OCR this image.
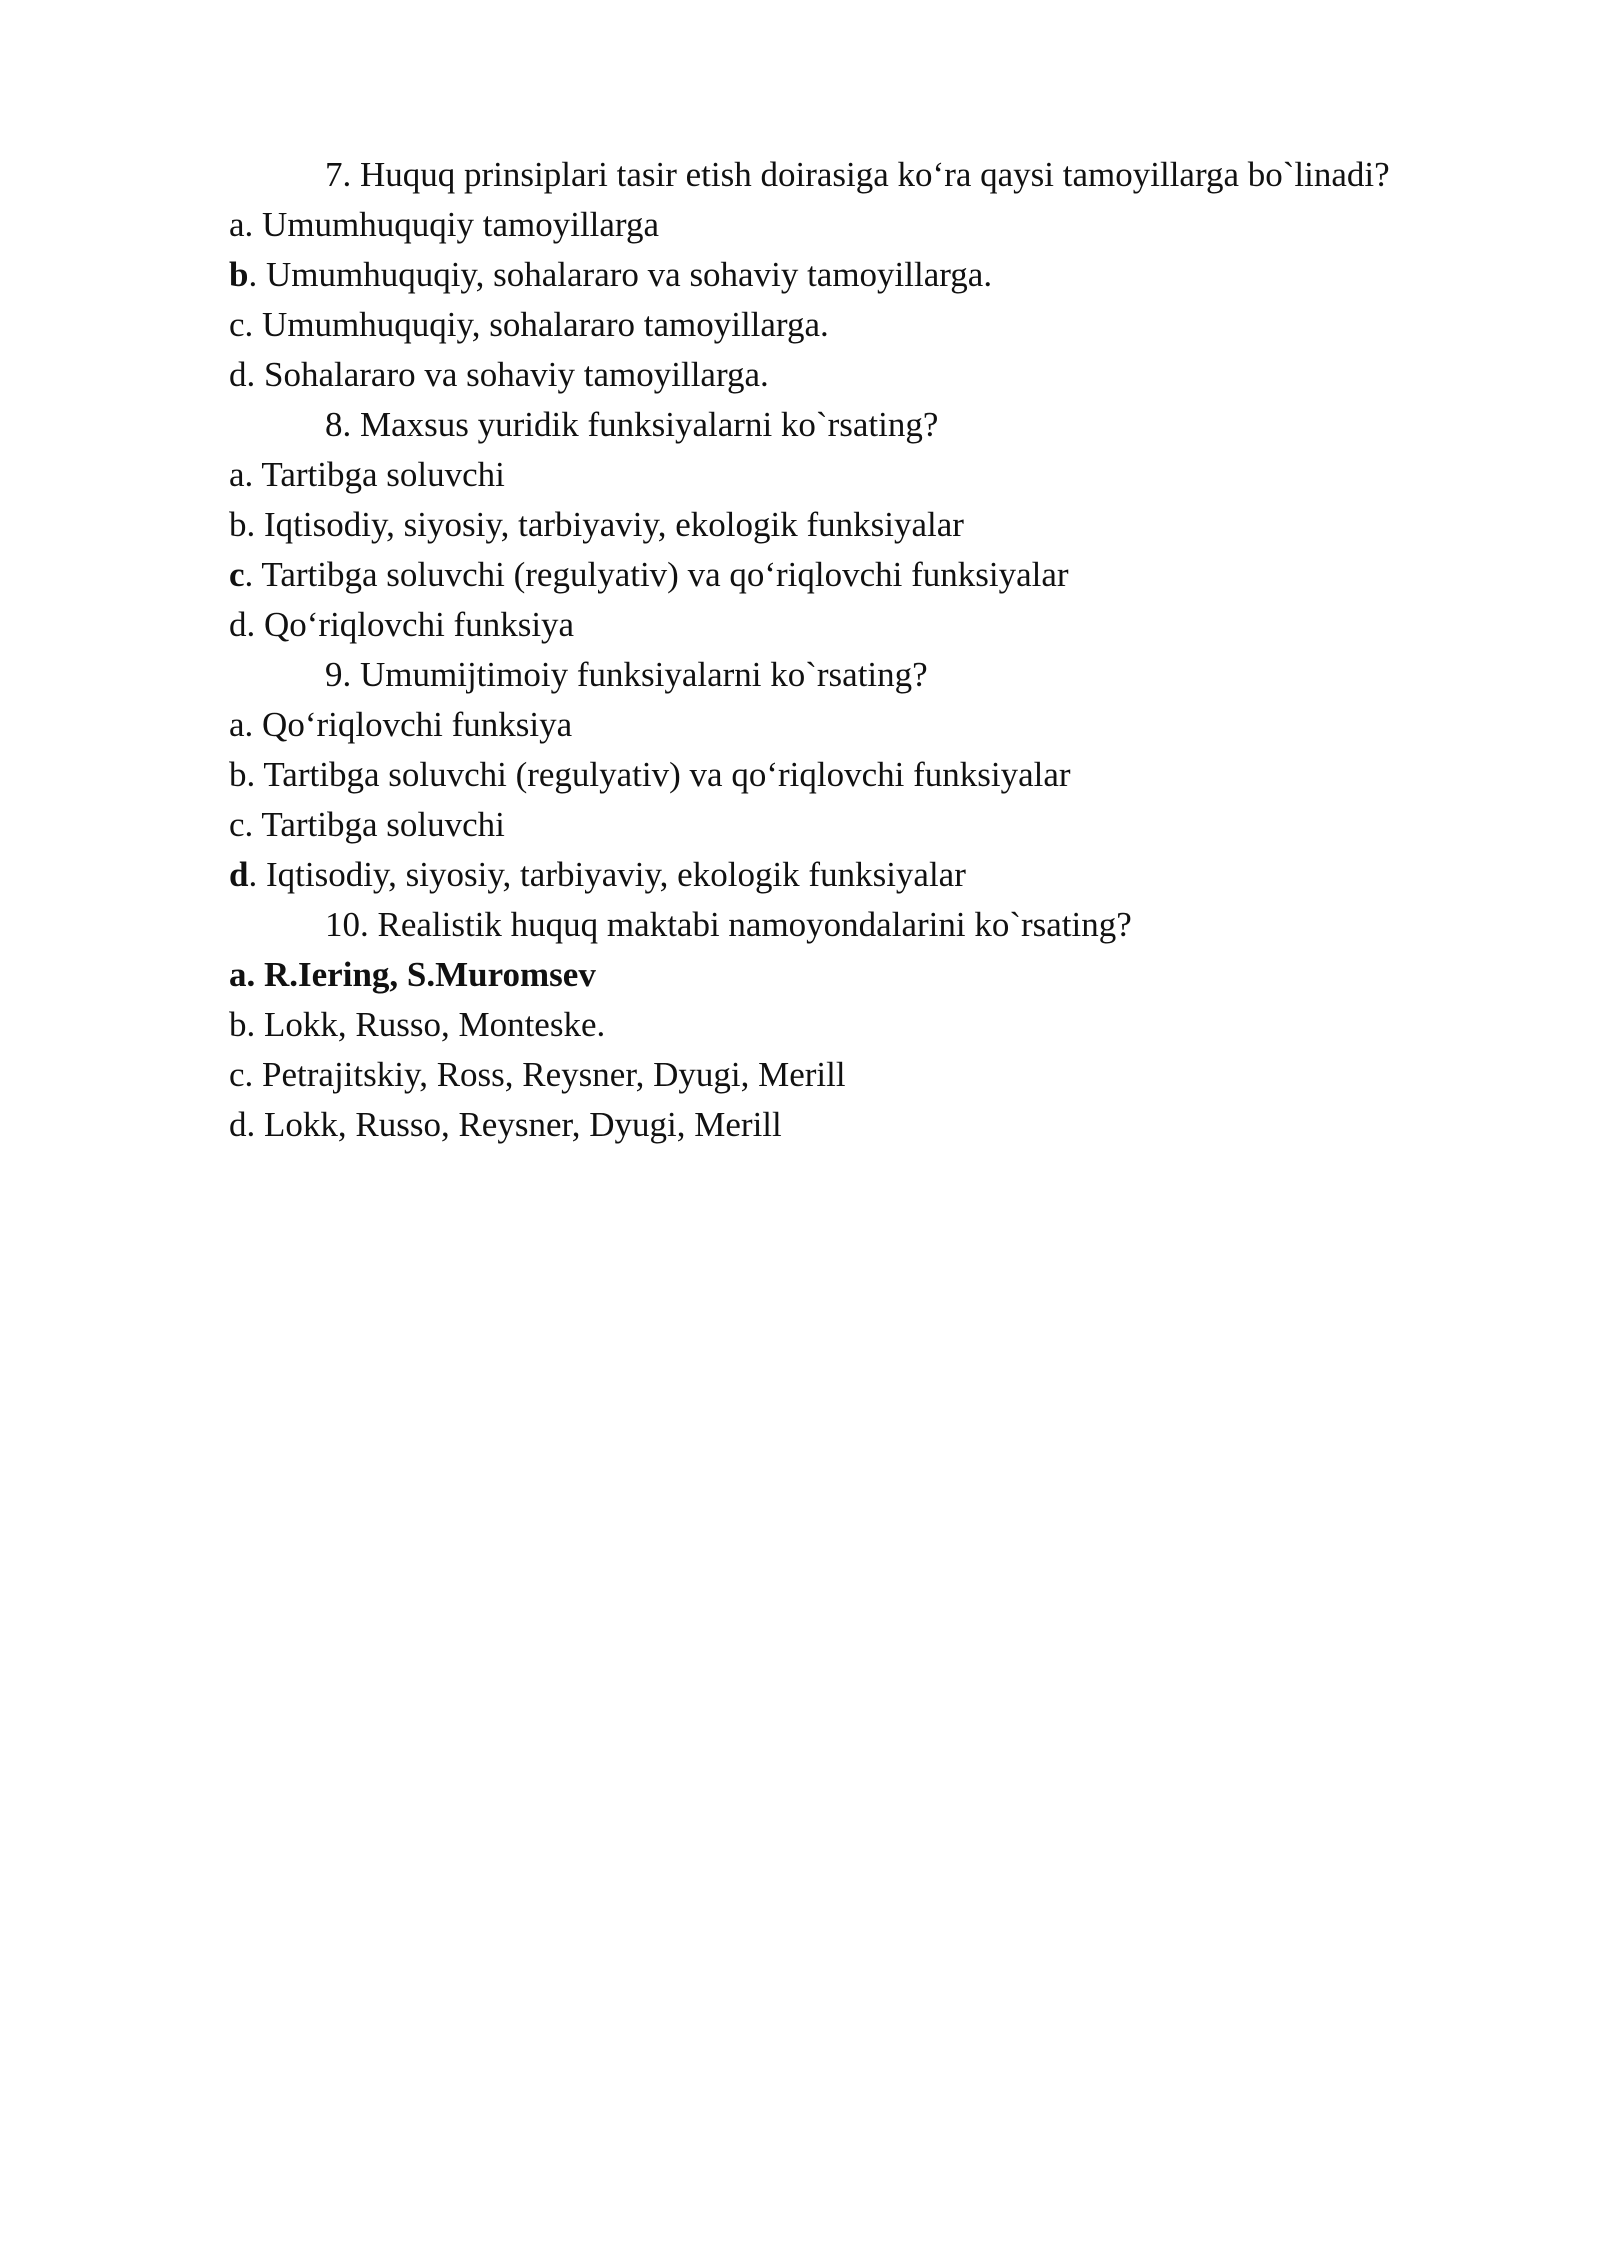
7. Huquq prinsiplari tasir etish doirasiga ko‘ra qaysi tamoyillarga bo`linadi?
a. Umumhuquqiy tamoyillarga
b. Umumhuquqiy, sohalararo va sohaviy tamoyillarga.
c. Umumhuquqiy, sohalararo tamoyillarga.
d. Sohalararo va sohaviy tamoyillarga.
8. Maxsus yuridik funksiyalarni ko`rsating?
a. Tartibga soluvchi
b. Iqtisodiy, siyosiy, tarbiyaviy, ekologik funksiyalar
c. Tartibga soluvchi (regulyativ) va qo‘riqlovchi funksiyalar
d. Qo‘riqlovchi funksiya
9. Umumijtimoiy funksiyalarni ko`rsating?
a. Qo‘riqlovchi funksiya
b. Tartibga soluvchi (regulyativ) va qo‘riqlovchi funksiyalar
c. Tartibga soluvchi
d. Iqtisodiy, siyosiy, tarbiyaviy, ekologik funksiyalar
10. Realistik huquq maktabi namoyondalarini ko`rsating?
a. R.Iering, S.Muromsev
b. Lokk, Russo, Monteske.
c. Petrajitskiy, Ross, Reysner, Dyugi, Merill
d. Lokk, Russo, Reysner, Dyugi, Merill
